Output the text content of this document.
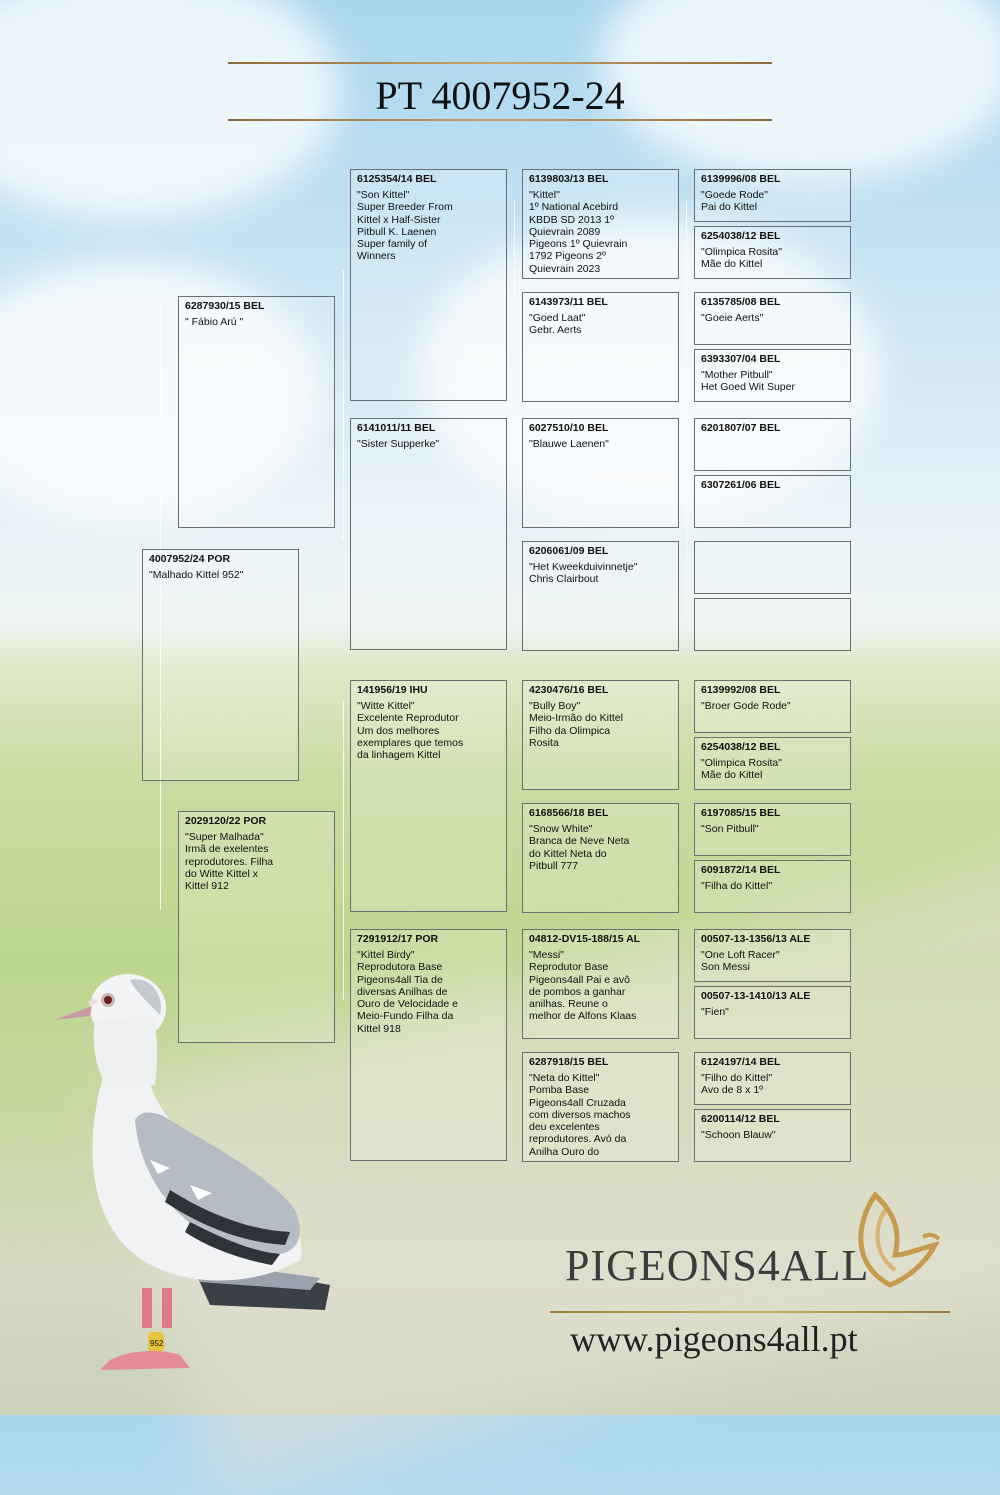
PT 4007952-24
4007952/24 POR
"Malhado Kittel 952"
6287930/15 BEL
" Fábio Arú "
2029120/22 POR
"Super Malhada"
Irmã de exelentes
reprodutores. Filha
do Witte Kittel x
Kittel 912
6125354/14 BEL
"Son Kittel"
Super Breeder From
Kittel x Half-Sister
Pitbull K. Laenen
Super family of
Winners
6141011/11 BEL
"Sister Supperke"
141956/19 IHU
"Witte Kittel"
Excelente Reprodutor
Um dos melhores
exemplares que temos
da linhagem Kittel
7291912/17 POR
"Kittel Birdy"
Reprodutora Base
Pigeons4all Tia de
diversas Anilhas de
Ouro de Velocidade e
Meio-Fundo Filha da
Kittel 918
6139803/13 BEL
"Kittel"
1º National Acebird
KBDB SD 2013 1º
Quievrain 2089
Pigeons 1º Quievrain
1792 Pigeons 2º
Quievrain 2023
6143973/11 BEL
"Goed Laat"
Gebr. Aerts
6027510/10 BEL
"Blauwe Laenen"
6206061/09 BEL
"Het Kweekduivinnetje"
Chris Clairbout
4230476/16 BEL
"Bully Boy"
Meio-Irmão do Kittel
Filho da Olimpica
Rosita
6168566/18 BEL
"Snow White"
Branca de Neve Neta
do Kittel Neta do
Pitbull 777
04812-DV15-188/15 AL
"Messi"
Reprodutor Base
Pigeons4all Pai e avô
de pombos a ganhar
anilhas. Reune o
melhor de Alfons Klaas
6287918/15 BEL
"Neta do Kittel"
Pomba Base
Pigeons4all Cruzada
com diversos machos
deu excelentes
reprodutores. Avó da
Anilha Ouro do
6139996/08 BEL
"Goede Rode"
Pai do Kittel
6254038/12 BEL
"Olimpica Rosita"
Mãe do Kittel
6135785/08 BEL
"Goeie Aerts"
6393307/04 BEL
"Mother Pitbull"
Het Goed Wit Super
6201807/07 BEL
6307261/06 BEL
6139992/08 BEL
"Broer Gode Rode"
6254038/12 BEL
"Olimpica Rosita"
Mãe do Kittel
6197085/15 BEL
"Son Pitbull"
6091872/14 BEL
"Filha do Kittel"
00507-13-1356/13 ALE
"One Loft Racer"
Son Messi
00507-13-1410/13 ALE
"Fien"
6124197/14 BEL
"Filho do Kittel"
Avo de 8 x 1º
6200114/12 BEL
"Schoon Blauw"
952
PIGEONS4ALL
www.pigeons4all.pt
